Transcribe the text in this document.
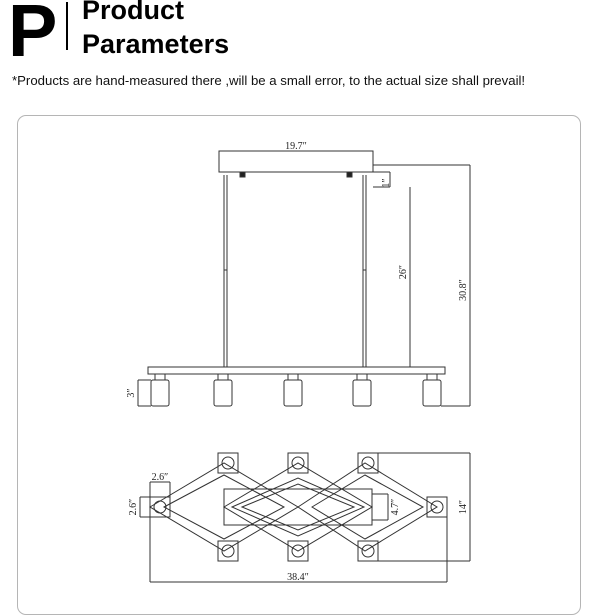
P Product
Parameters
*Products are hand-measured there ,will be a small error, to the actual size shall prevail!
19.7″
1″
26″
30.8″
3″
2.6″
2.6″	4.7″	14″
38.4″
